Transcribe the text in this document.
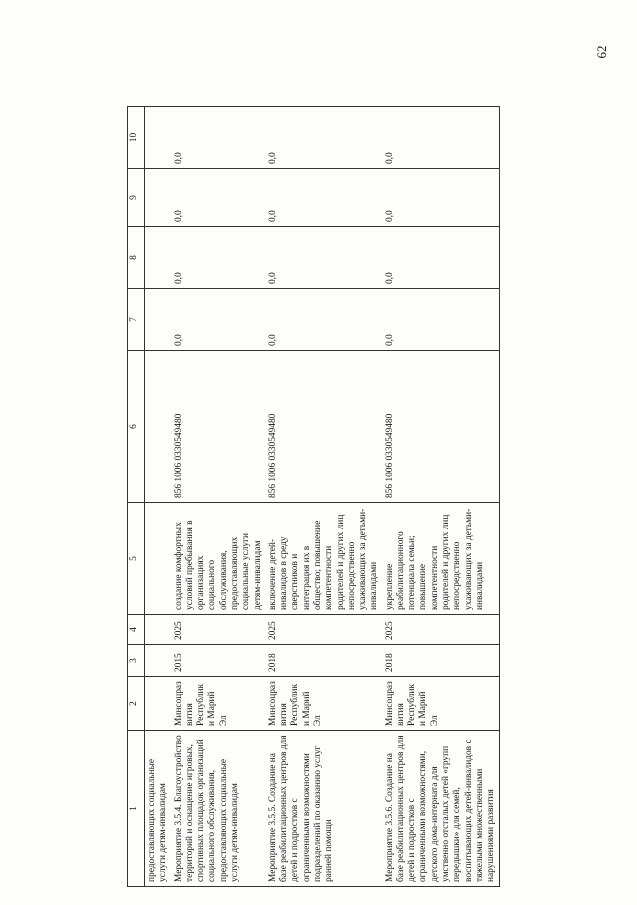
62
1	2	3	4	5	6	7	8	9	10
предоставляющих социальные услуги детям-инвалидам									
Мероприятие 3.5.4. Благоустройство территорий и оснащение игровых, спортивных площадок организаций социального обслуживания, предоставляющих социальные услуги детям-инвалидам	Минсоцразвития Республики Марий Эл	2015	2025	создание комфортных условий пребывания в организациях социального обслуживания, предоставляющих социальные услуги детям-инвалидам	856 1006 0330549480	0,0	0,0	0,0	0,0
Мероприятие 3.5.5. Создание на базе реабилитационных центров для детей и подростков с ограниченными возможностями подразделений по оказанию услуг ранней помощи	Минсоцразвития Республики Марий Эл	2018	2025	включение детей-инвалидов в среду сверстников и интеграция их в общество; повышение компетентности родителей и других лиц непосредственно ухаживающих за детьми-инвалидами	856 1006 0330549480	0,0	0,0	0,0	0,0
Мероприятие 3.5.6. Создание на базе реабилитационных центров для детей и подростков с ограниченными возможностями, детского дома-интерната для умственно отсталых детей «групп передышки» для семей, воспитывающих детей-инвалидов с тяжелыми множественными нарушениями развития	Минсоцразвития Республики Марий Эл	2018	2025	укрепление реабилитационного потенциала семьи; повышение компетентности родителей и других лиц непосредственно ухаживающих за детьми-инвалидами	856 1006 0330549480	0,0	0,0	0,0	0,0
